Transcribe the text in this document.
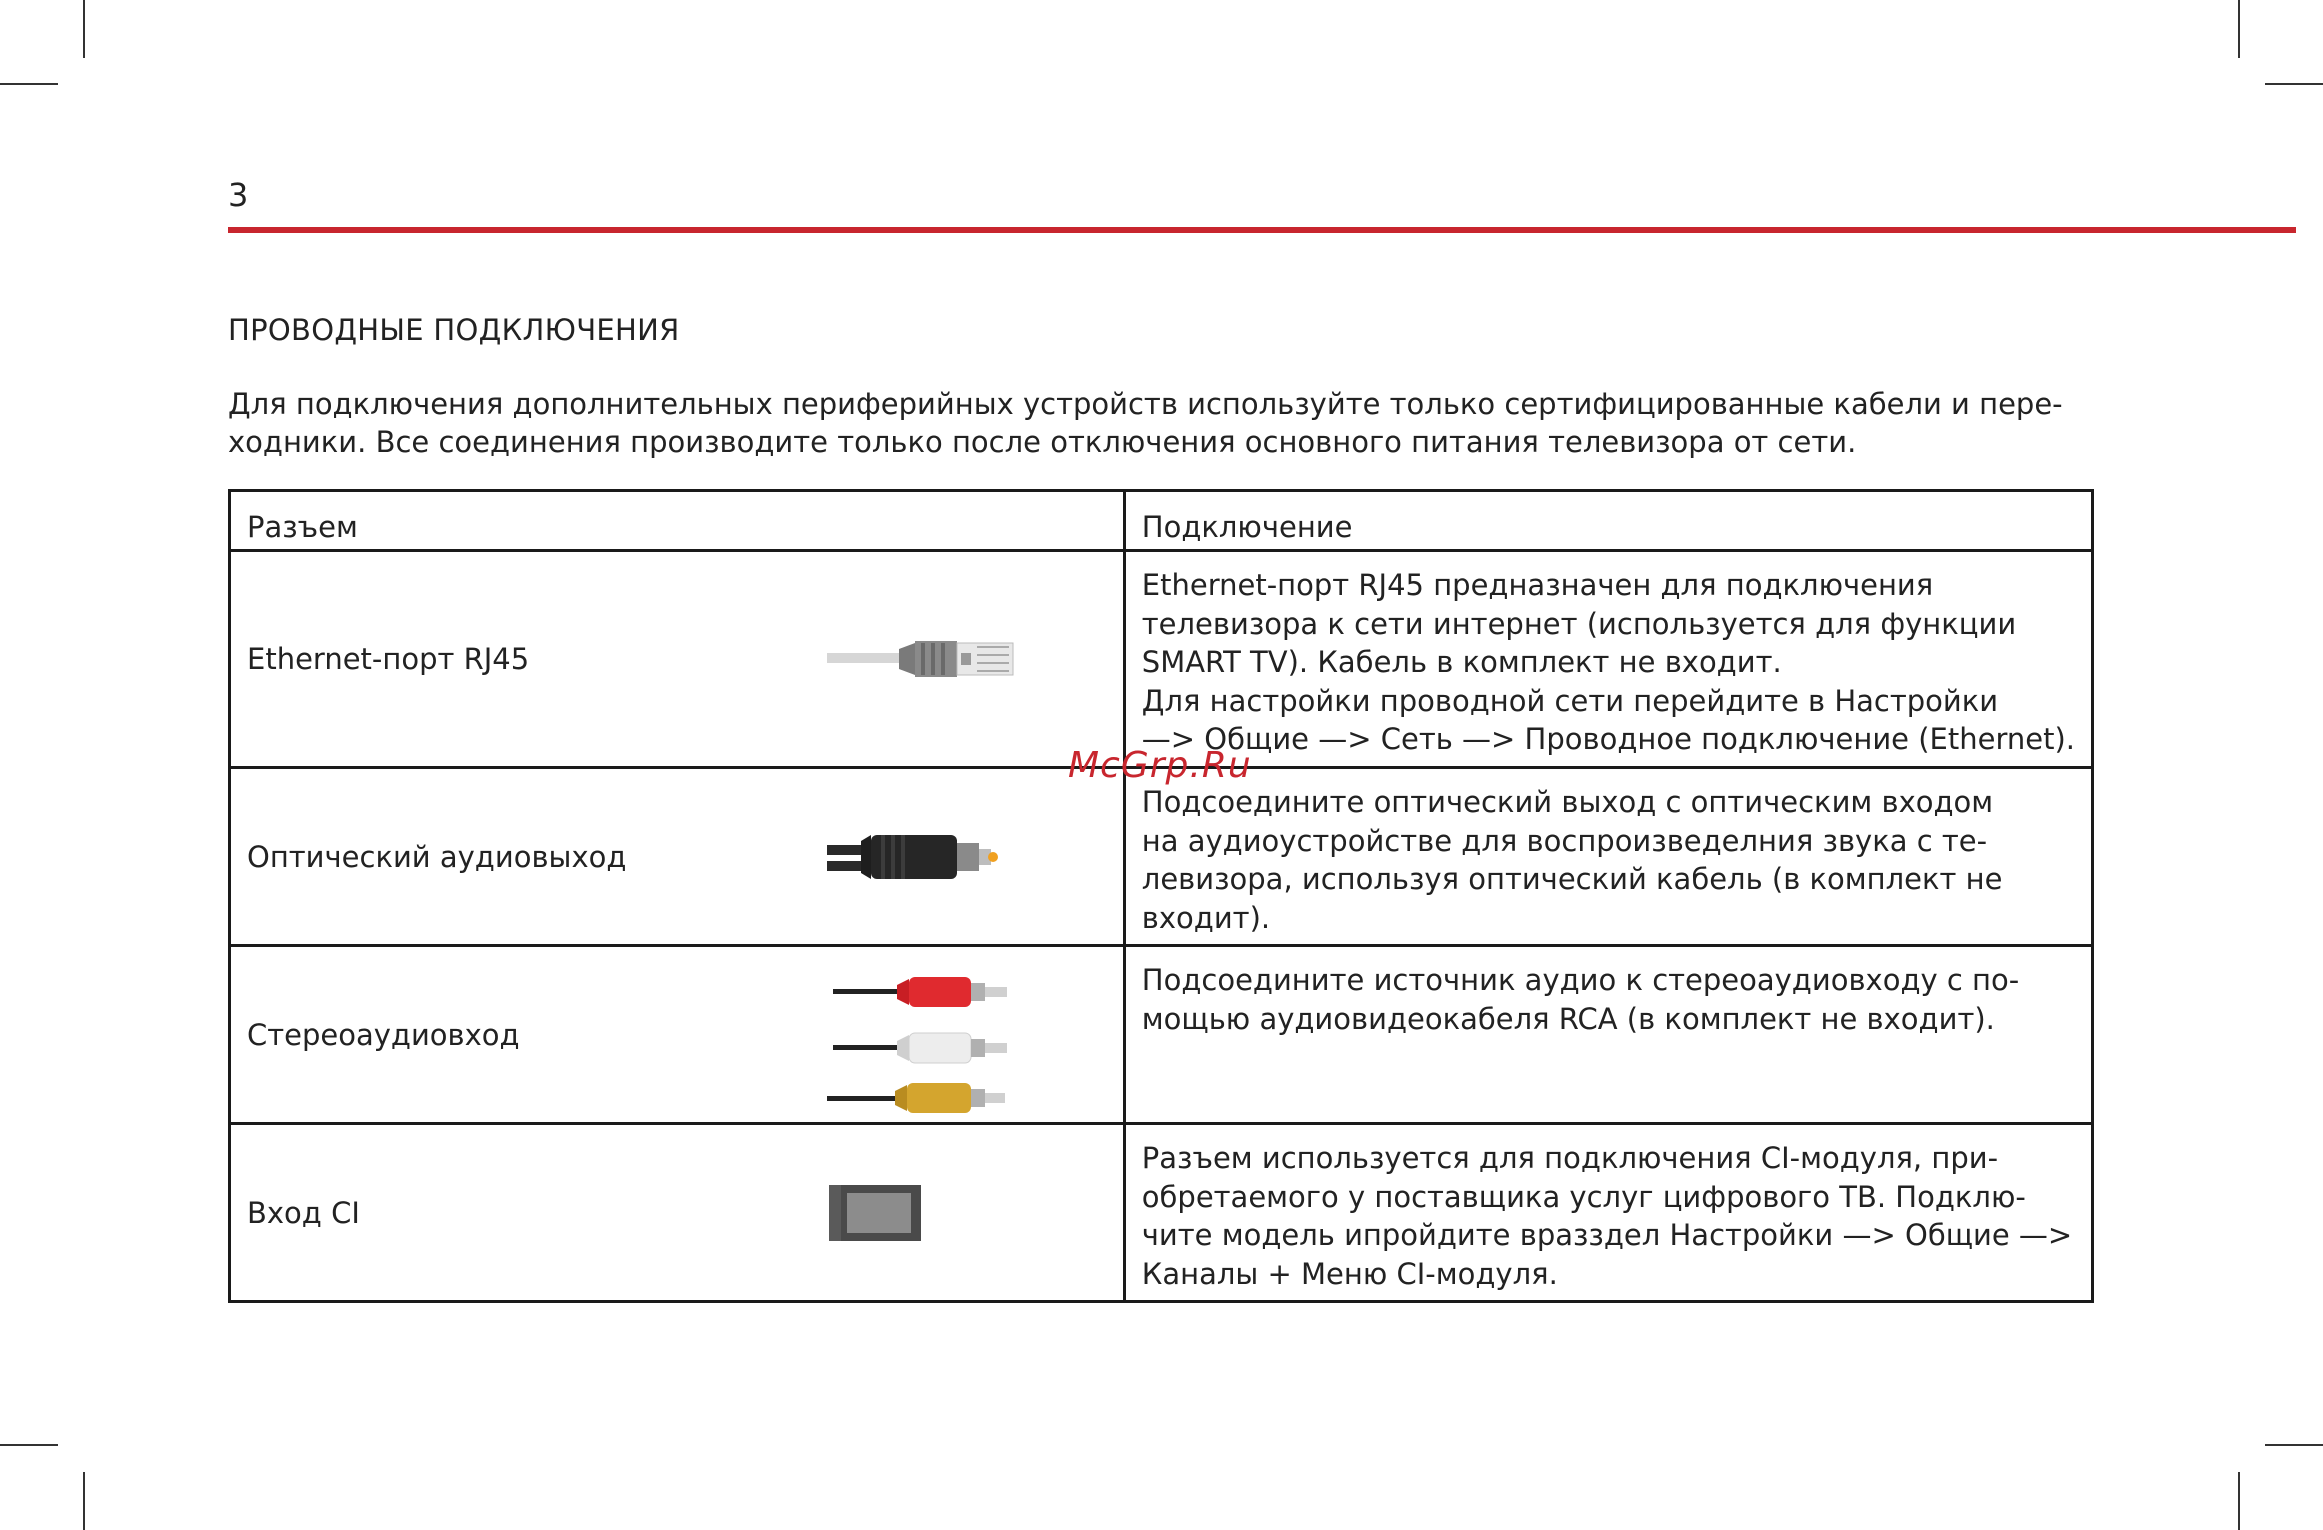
3
ПРОВОДНЫЕ ПОДКЛЮЧЕНИЯ

Для подключения дополнительных периферийных устройств используйте только сертифицированные кабели и пере-
ходники. Все соединения производите только после отключения основного питания телевизора от сети.

Разъем	Подключение

Ethernet-порт RJ45	Ethernet-порт RJ45 предназначен для подключения
телевизора к сети интернет (используется для функции
SMART TV). Кабель в комплект не входит.
Для настройки проводной сети перейдите в Настройки
—> Общие —> Сеть —> Проводное подключение (Ethernet).

Оптический аудиовыход	Подсоедините оптический выход с оптическим входом
на аудиоустройстве для воспроизведелния звука с те-
левизора, используя оптический кабель (в комплект не
входит).

Стереоаудиовход	Подсоедините источник аудио к стереоаудиовходу с по-
мощью аудиовидеокабеля RCA (в комплект не входит).

Вход CI	Разъем используется для подключения CI-модуля, при-
обретаемого у поставщика услуг цифрового ТВ. Подклю-
чите модель ипройдите вразздел Настройки —> Общие —>
Каналы + Меню CI-модуля.
McGrp.Ru
